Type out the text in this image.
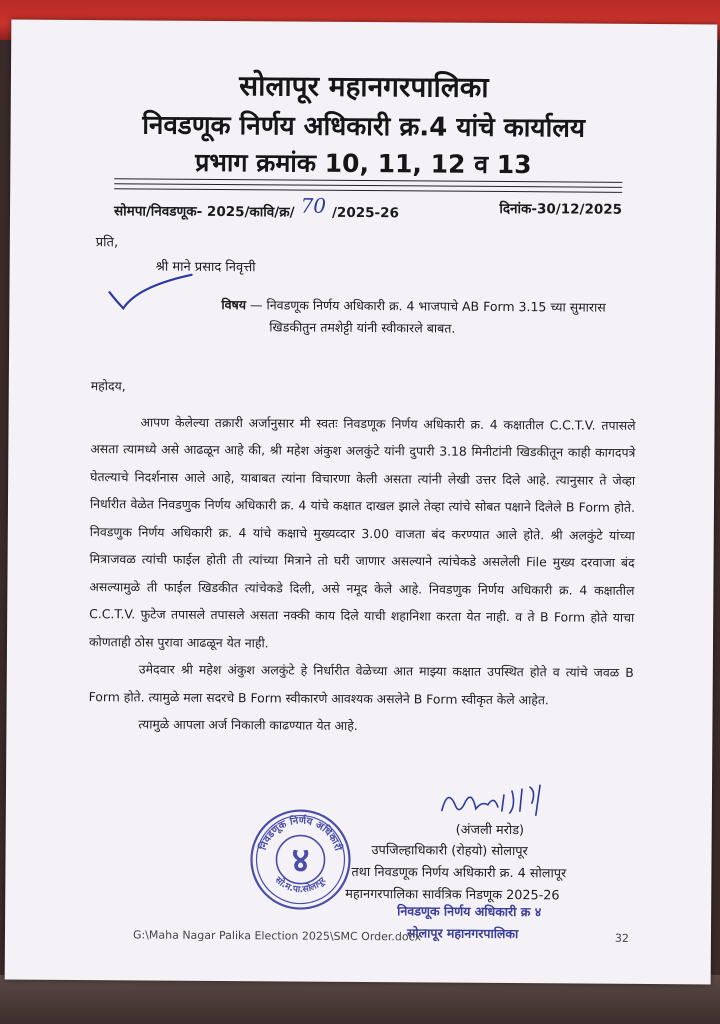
सोलापूर महानगरपालिका
निवडणूक निर्णय अधिकारी क्र.4 यांचे कार्यालय
प्रभाग क्रमांक 10, 11, 12 व 13
सोमपा/निवडणूक- 2025/कावि/क्र/ 70 /2025-26	दिनांक-30/12/2025
प्रति,
श्री माने प्रसाद निवृत्ती
विषय — निवडणूक निर्णय अधिकारी क्र. 4 भाजपाचे AB Form 3.15 च्या सुमारास
खिडकीतुन तमशेट्टी यांनी स्वीकारले बाबत.

महोदय,

आपण केलेल्या तक्रारी अर्जानुसार मी स्वतः निवडणूक निर्णय अधिकारी क्र. 4 कक्षातील C.C.T.V. तपासले असता त्यामध्ये असे आढळून आहे की, श्री महेश अंकुश अलकुंटे यांनी दुपारी 3.18 मिनीटांनी खिडकीतून काही कागदपत्रे घेतल्याचे निदर्शनास आले आहे, याबाबत त्यांना विचारणा केली असता त्यांनी लेखी उत्तर दिले आहे. त्यानुसार ते जेव्हा निर्धारीत वेळेत निवडणुक निर्णय अधिकारी क्र. 4 यांचे कक्षात दाखल झाले तेव्हा त्यांचे सोबत पक्षाने दिलेले B Form होते. निवडणुक निर्णय अधिकारी क्र. 4 यांचे कक्षाचे मुख्यव्दार 3.00 वाजता बंद करण्यात आले होते. श्री अलकुंटे यांच्या मित्राजवळ त्यांची फाईल होती ती त्यांच्या मित्राने तो घरी जाणार असल्याने त्यांचेकडे असलेली File मुख्य दरवाजा बंद असल्यामुळे ती फाईल खिडकीत त्यांचेकडे दिली, असे नमूद केले आहे. निवडणुक निर्णय अधिकारी क्र. 4 कक्षातील C.C.T.V. फुटेज तपासले तपासले असता नक्की काय दिले याची शहानिशा करता येत नाही. व ते B Form होते याचा कोणताही ठोस पुरावा आढळून येत नाही.

उमेदवार श्री महेश अंकुश अलकुंटे हे निर्धारीत वेळेच्या आत माझ्या कक्षात उपस्थित होते व त्यांचे जवळ B Form होते. त्यामुळे मला सदरचे B Form स्वीकारणे आवश्यक असलेने B Form स्वीकृत केले आहेत.

त्यामुळे आपला अर्ज निकाली काढण्यात येत आहे.

(अंजली मरोड)
उपजिल्हाधिकारी (रोहयो) सोलापूर
तथा निवडणूक निर्णय अधिकारी क्र. 4 सोलापूर
महानगरपालिका सार्वत्रिक निडणूक 2025-26
निवडणूक निर्णय अधिकारी
४
सो.म.पा.सोलापूर
निवडणूक निर्णय अधिकारी क्र ४
सोलापूर महानगरपालिका
G:\Maha Nagar Palika Election 2025\SMC Order.docx	32
